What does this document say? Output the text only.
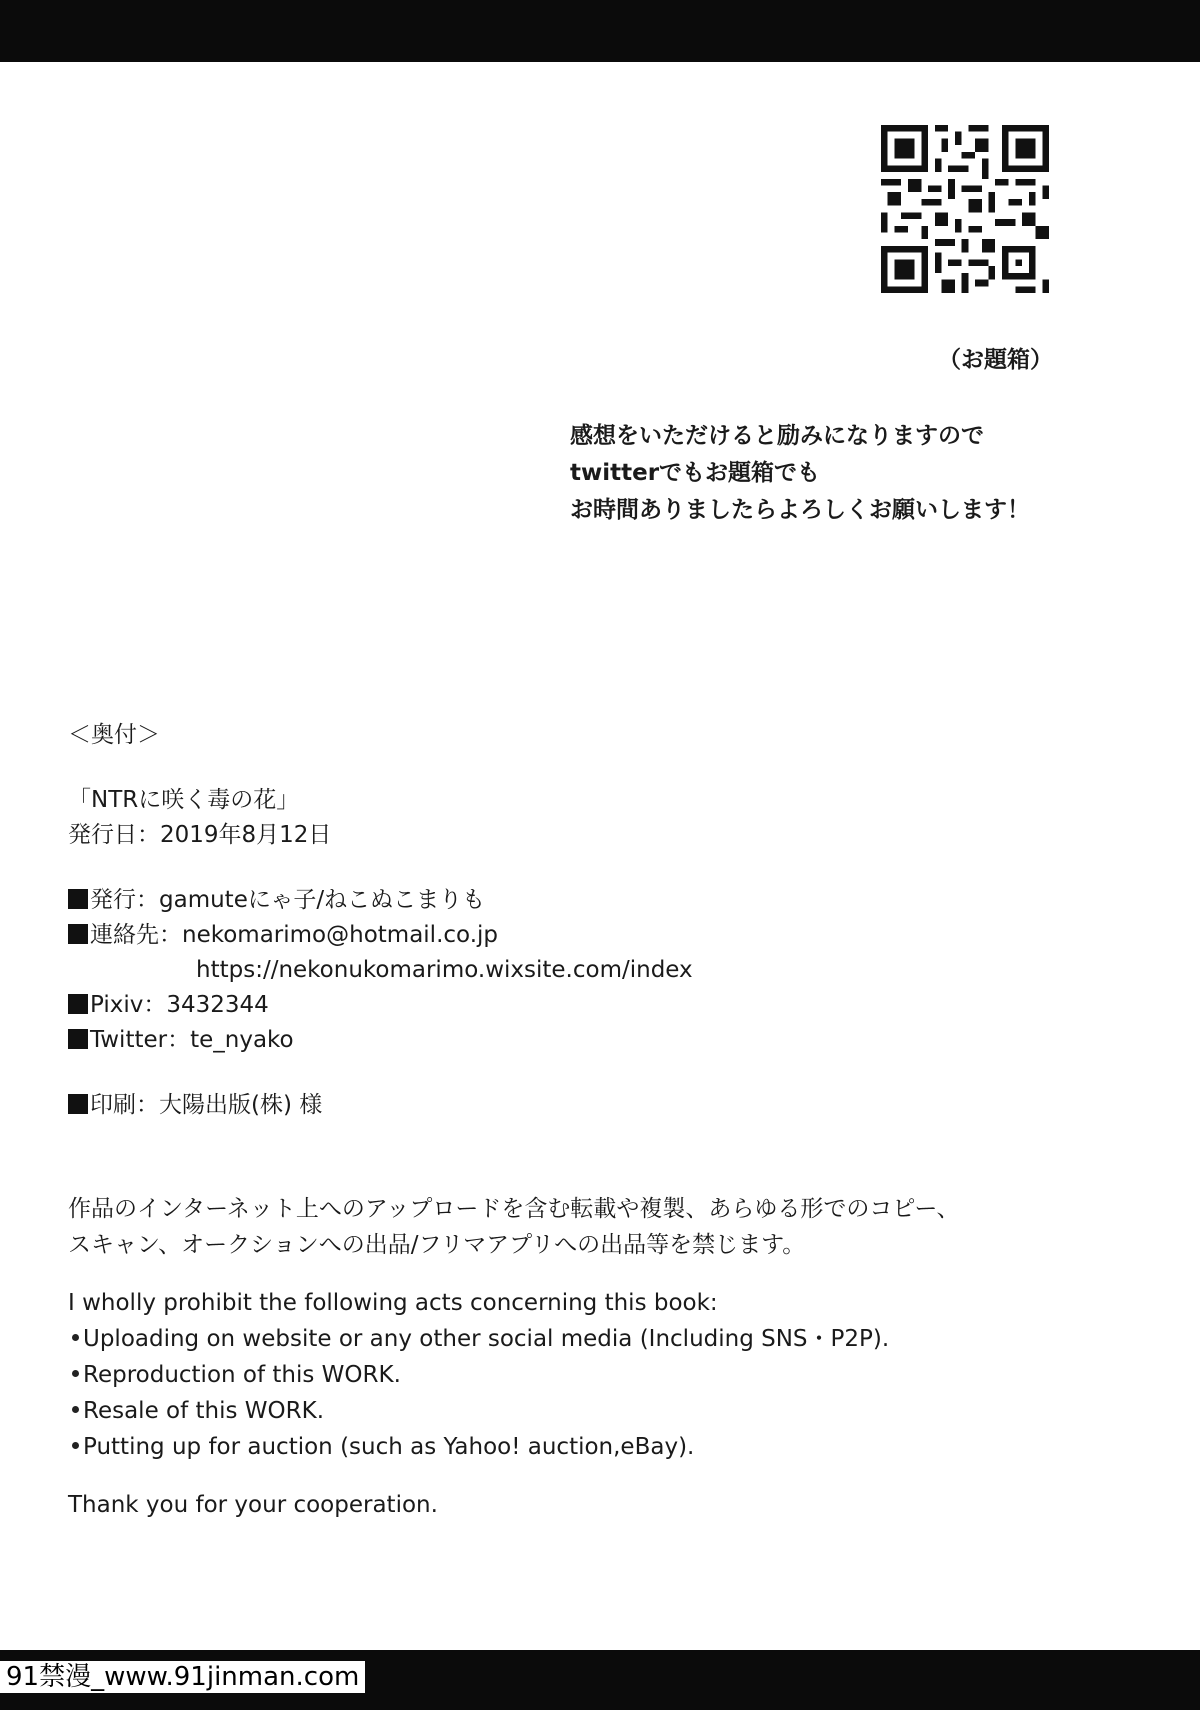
（お題箱）
感想をいただけると励みになりますので
twitterでもお題箱でも
お時間ありましたらよろしくお願いします！
＜奥付＞
「NTRに咲く毒の花」
発行日：2019年8月12日
発行：gamuteにゃ子/ねこぬこまりも
連絡先：nekomarimo@hotmail.co.jp
https://nekonukomarimo.wixsite.com/index
Pixiv：3432344
Twitter：te_nyako
印刷：大陽出版(株) 様
作品のインターネット上へのアップロードを含む転載や複製、あらゆる形でのコピー、
スキャン、オークションへの出品/フリマアプリへの出品等を禁じます。
I wholly prohibit the following acts concerning this book:
Uploading on website or any other social media (Including SNS・P2P).
Reproduction of this WORK.
Resale of this WORK.
Putting up for auction (such as Yahoo! auction,eBay).
Thank you for your cooperation.
91禁漫_www.91jinman.com
